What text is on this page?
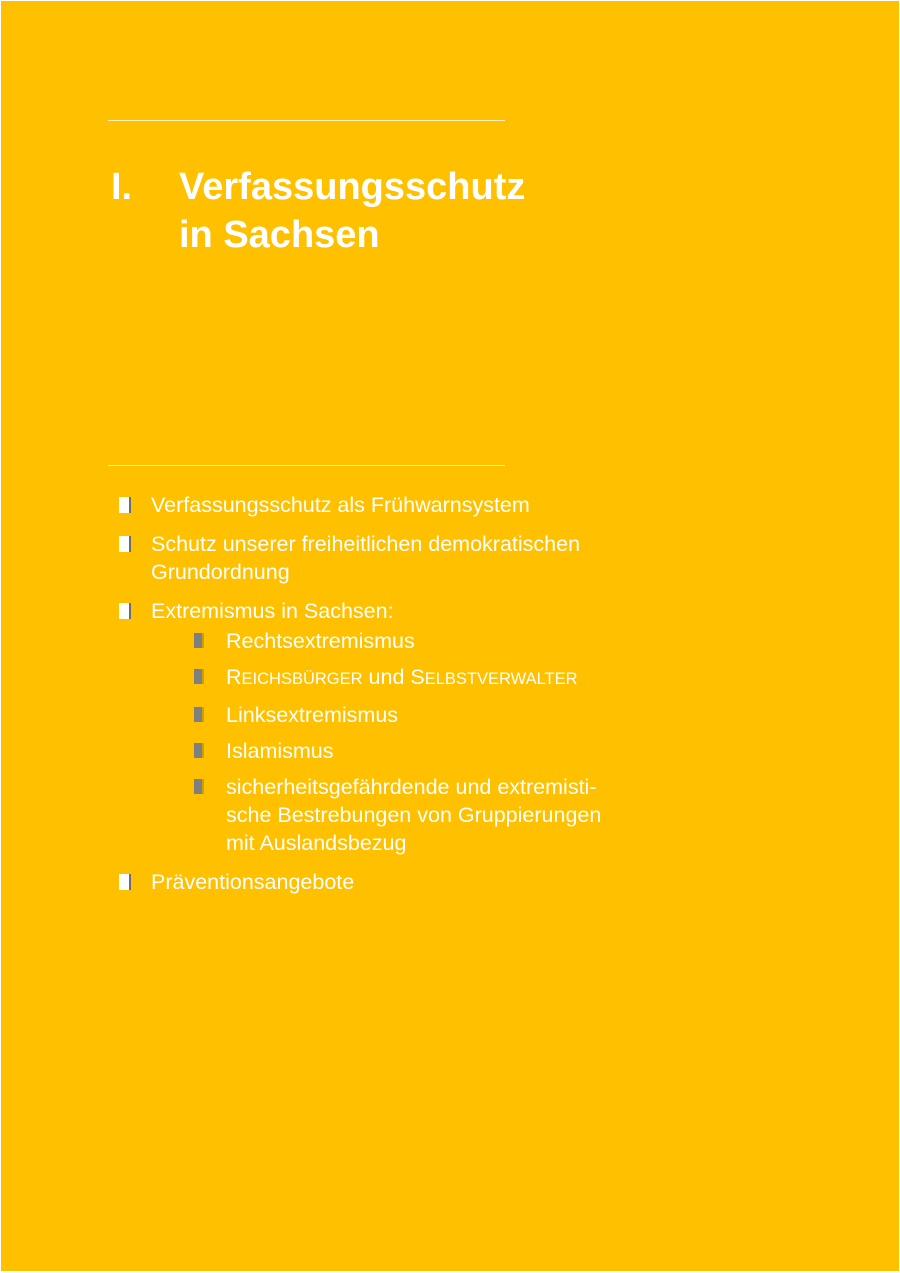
I. Verfassungsschutz
in Sachsen
Verfassungsschutz als Frühwarnsystem
Schutz unserer freiheitlichen demokratischen
Grundordnung
Extremismus in Sachsen:
Rechtsextremismus
REICHSBÜRGER und SELBSTVERWALTER
Linksextremismus
Islamismus
sicherheitsgefährdende und extremisti-
sche Bestrebungen von Gruppierungen
mit Auslandsbezug
Präventionsangebote
